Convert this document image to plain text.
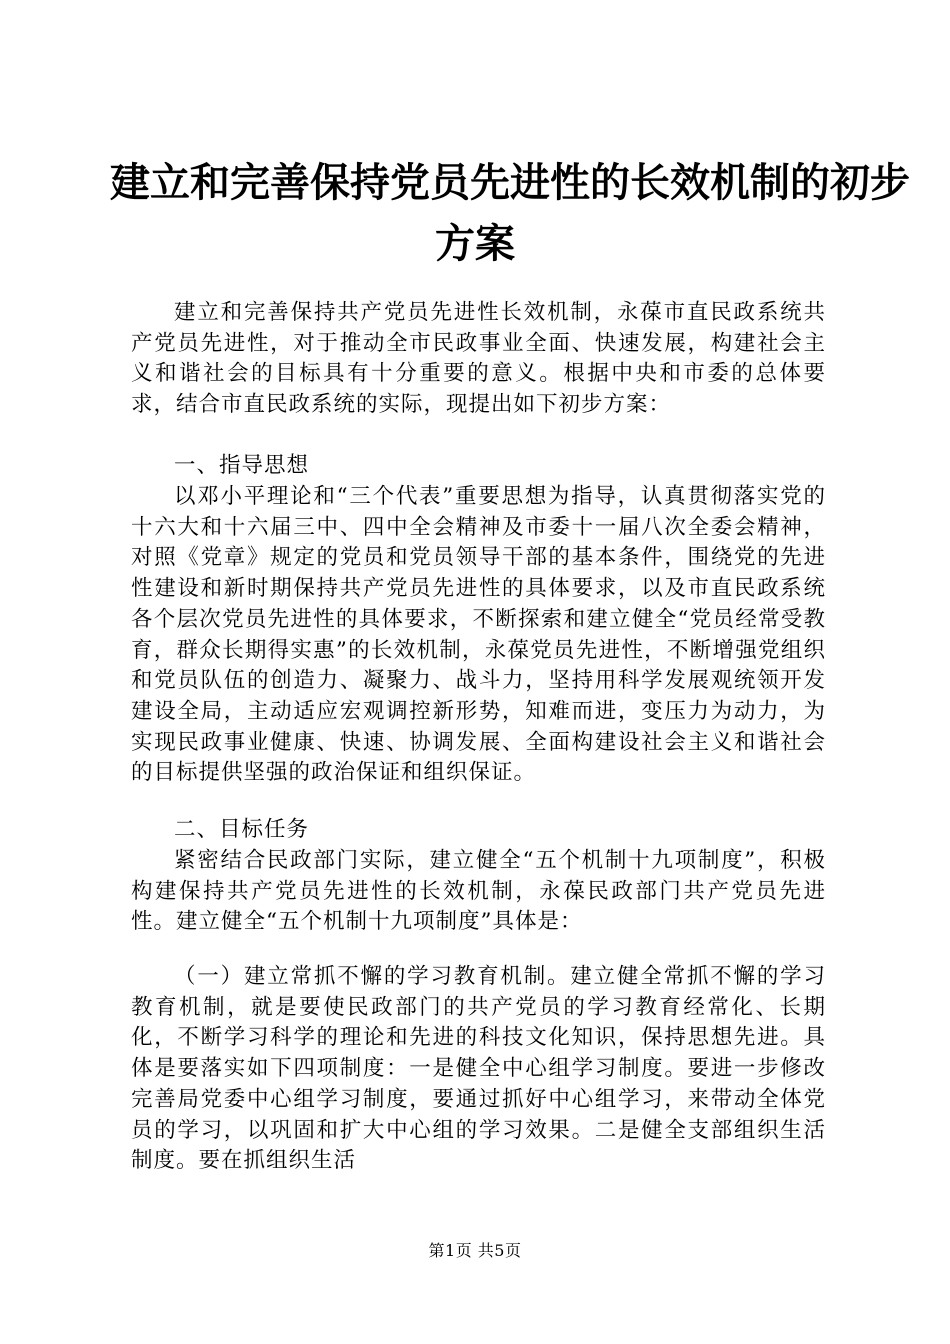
建立和完善保持党员先进性的长效机制的初步
方案

建立和完善保持共产党员先进性长效机制，永葆市直民政系统共产党员先进性，对于推动全市民政事业全面、快速发展，构建社会主义和谐社会的目标具有十分重要的意义。根据中央和市委的总体要求，结合市直民政系统的实际，现提出如下初步方案：

一、指导思想

以邓小平理论和“三个代表”重要思想为指导，认真贯彻落实党的十六大和十六届三中、四中全会精神及市委十一届八次全委会精神，对照《党章》规定的党员和党员领导干部的基本条件，围绕党的先进性建设和新时期保持共产党员先进性的具体要求，以及市直民政系统各个层次党员先进性的具体要求，不断探索和建立健全“党员经常受教育，群众长期得实惠”的长效机制，永葆党员先进性，不断增强党组织和党员队伍的创造力、凝聚力、战斗力，坚持用科学发展观统领开发建设全局，主动适应宏观调控新形势，知难而进，变压力为动力，为实现民政事业健康、快速、协调发展、全面构建设社会主义和谐社会的目标提供坚强的政治保证和组织保证。

二、目标任务

紧密结合民政部门实际，建立健全“五个机制十九项制度”，积极构建保持共产党员先进性的长效机制，永葆民政部门共产党员先进性。建立健全“五个机制十九项制度”具体是：

（一）建立常抓不懈的学习教育机制。建立健全常抓不懈的学习教育机制，就是要使民政部门的共产党员的学习教育经常化、长期化，不断学习科学的理论和先进的科技文化知识，保持思想先进。具体是要落实如下四项制度：一是健全中心组学习制度。要进一步修改完善局党委中心组学习制度，要通过抓好中心组学习，来带动全体党员的学习，以巩固和扩大中心组的学习效果。二是健全支部组织生活制度。要在抓组织生活

第1页 共5页
